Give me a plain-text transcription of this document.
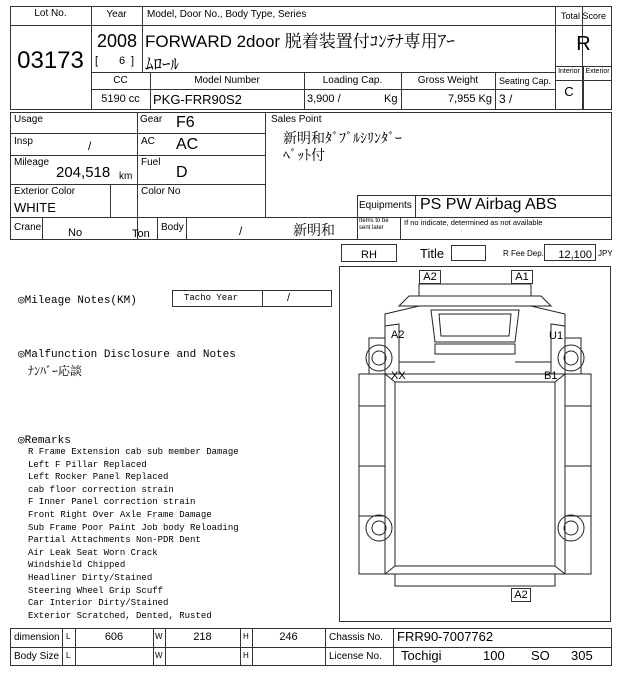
Lot No.
03173
Year
2008
[ 6 ]
Model, Door No., Body Type, Series
FORWARD 2door 脱着装置付ｺﾝﾃﾅ専用ｱｰ
ﾑﾛｰﾙ
Total Score
R
Interior Exterior
C
CC
5190 cc
Model Number
PKG-FRR90S2
Loading Cap.
3,900 /	Kg
Gross Weight
7,955 Kg
Seating Cap.
3 /
Usage	Gear F6
Insp	/	AC AC
Mileage
204,518 km
Fuel
D
Exterior Color
WHITE
Color No
Sales Point
新明和ﾀﾞﾌﾞﾙｼﾘﾝﾀﾞｰ
ﾍﾞｯﾄ付
Equipments PS PW Airbag ABS
Items to be sent later
If no indicate, determined as not available
Crane No	Ton
Body	/	新明和
RH	Title	R Fee Dep.	12,100 JPY
◎Mileage Notes(KM)	Tacho Year	/
◎Malfunction Disclosure and Notes
ﾅﾝﾊﾞｰ応談
◎Remarks
R Frame Extension cab sub member Damage
Left F Pillar Replaced
Left Rocker Panel Replaced
cab floor correction strain
F Inner Panel correction strain
Front Right Over Axle Frame Damage
Sub Frame Poor Paint Job body Reloading
Partial Attachments Non-PDR Dent
Air Leak Seat Worn Crack
Windshield Chipped
Headliner Dirty/Stained
Steering Wheel Grip Scuff
Car Interior Dirty/Stained
Exterior Scratched, Dented, Rusted
A2	A1
A2	U1
XX	B1
A2
dimension L	606	W	218	H	246	Chassis No. FRR90-7007762
Body Size L	W	H	License No. Tochigi	100 SO 305
